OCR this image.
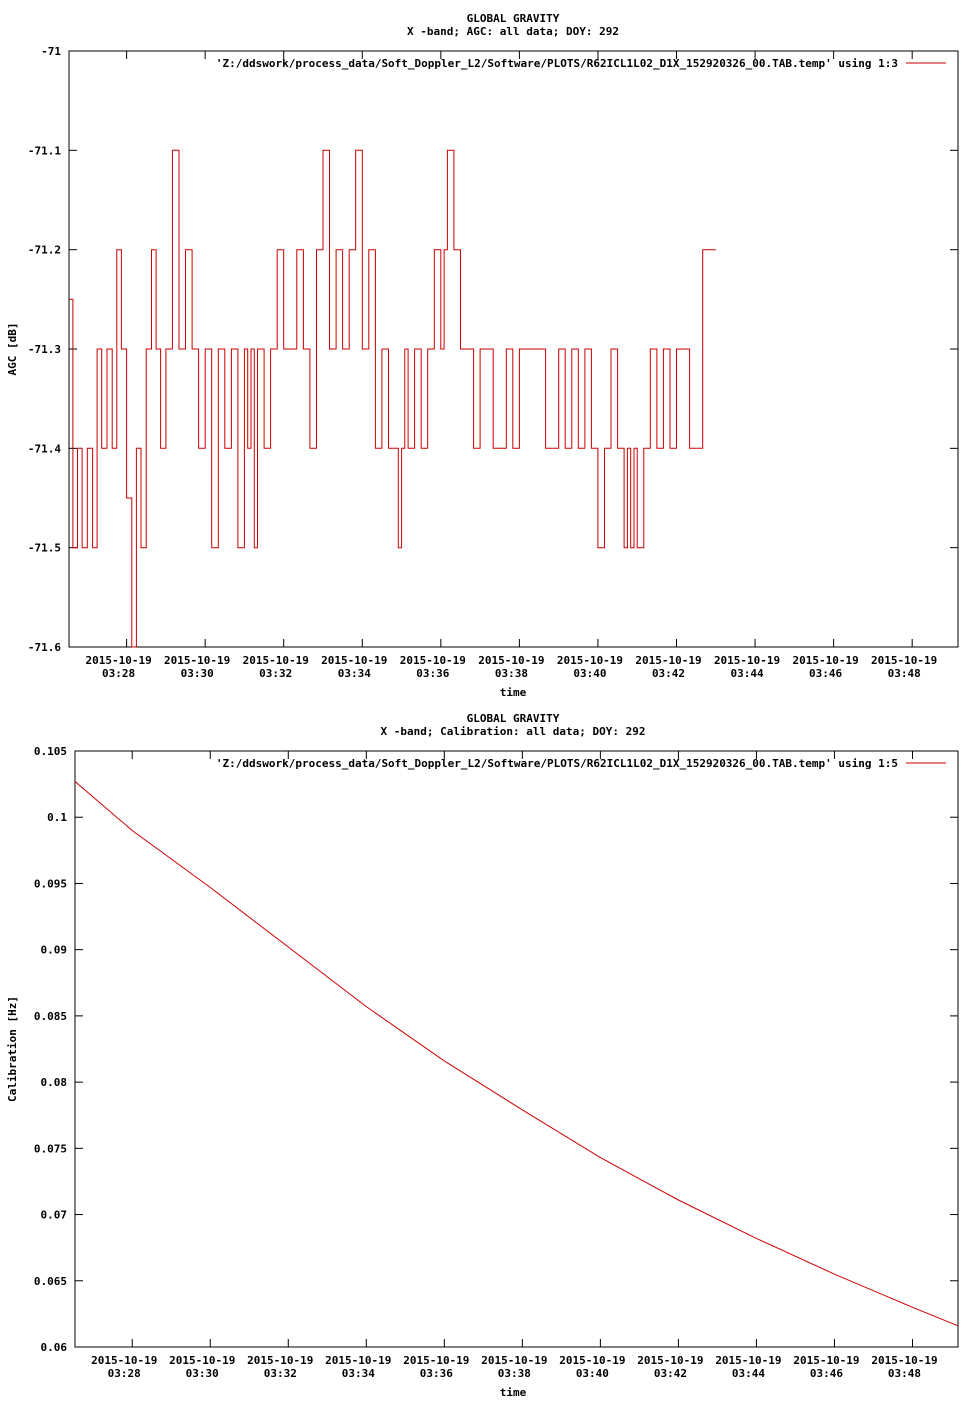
GLOBAL GRAVITY
X -band; AGC: all data; DOY: 292
-71
-71.1
-71.2
-71.3
-71.4
-71.5
-71.6
2015-10-19
03:28
2015-10-19
03:30
2015-10-19
03:32
2015-10-19
03:34
2015-10-19
03:36
2015-10-19
03:38
2015-10-19
03:40
2015-10-19
03:42
2015-10-19
03:44
2015-10-19
03:46
2015-10-19
03:48
time
AGC [dB]
'Z:/ddswork/process_data/Soft_Doppler_L2/Software/PLOTS/R62ICL1L02_D1X_152920326_00.TAB.temp' using 1:3
GLOBAL GRAVITY
X -band; Calibration: all data; DOY: 292
0.105
0.1
0.095
0.09
0.085
0.08
0.075
0.07
0.065
0.06
2015-10-19
03:28
2015-10-19
03:30
2015-10-19
03:32
2015-10-19
03:34
2015-10-19
03:36
2015-10-19
03:38
2015-10-19
03:40
2015-10-19
03:42
2015-10-19
03:44
2015-10-19
03:46
2015-10-19
03:48
time
Calibration [Hz]
'Z:/ddswork/process_data/Soft_Doppler_L2/Software/PLOTS/R62ICL1L02_D1X_152920326_00.TAB.temp' using 1:5
